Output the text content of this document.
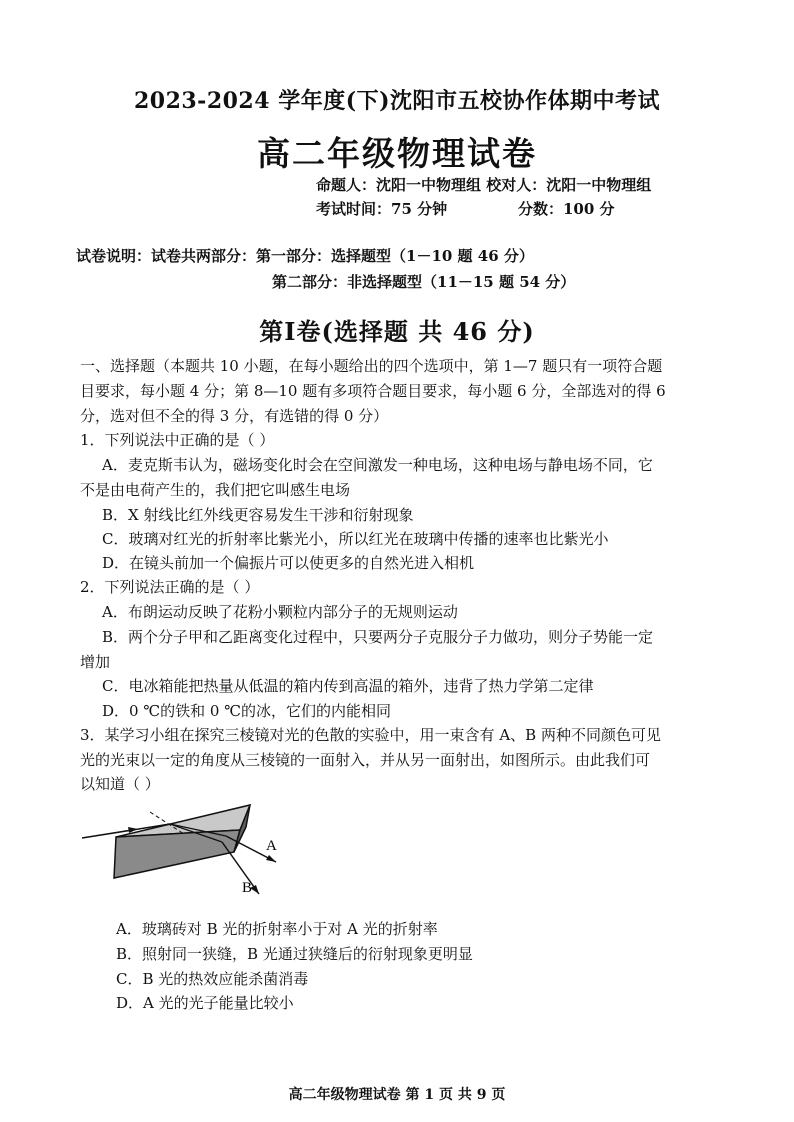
2023-2024 学年度(下)沈阳市五校协作体期中考试
高二年级物理试卷
命题人：沈阳一中物理组 校对人：沈阳一中物理组
考试时间：75 分钟	分数：100 分
试卷说明：试卷共两部分：第一部分：选择题型（1－10 题 46 分）
第二部分：非选择题型（11－15 题 54 分）
第Ⅰ卷(选择题 共 46 分)
一、选择题（本题共 10 小题，在每小题给出的四个选项中，第 1—7 题只有一项符合题
目要求，每小题 4 分；第 8—10 题有多项符合题目要求，每小题 6 分，全部选对的得 6
分，选对但不全的得 3 分，有选错的得 0 分）
1．下列说法中正确的是（ ）
A．麦克斯韦认为，磁场变化时会在空间激发一种电场，这种电场与静电场不同，它
不是由电荷产生的，我们把它叫感生电场
B．X 射线比红外线更容易发生干涉和衍射现象
C．玻璃对红光的折射率比紫光小，所以红光在玻璃中传播的速率也比紫光小
D．在镜头前加一个偏振片可以使更多的自然光进入相机
2．下列说法正确的是（ ）
A．布朗运动反映了花粉小颗粒内部分子的无规则运动
B．两个分子甲和乙距离变化过程中，只要两分子克服分子力做功，则分子势能一定
增加
C．电冰箱能把热量从低温的箱内传到高温的箱外，违背了热力学第二定律
D．0 ℃的铁和 0 ℃的冰，它们的内能相同
3．某学习小组在探究三棱镜对光的色散的实验中，用一束含有 A、B 两种不同颜色可见
光的光束以一定的角度从三棱镜的一面射入，并从另一面射出，如图所示。由此我们可
以知道（ ）
A
B
A．玻璃砖对 B 光的折射率小于对 A 光的折射率
B．照射同一狭缝，B 光通过狭缝后的衍射现象更明显
C．B 光的热效应能杀菌消毒
D．A 光的光子能量比较小
高二年级物理试卷 第 1 页 共 9 页
